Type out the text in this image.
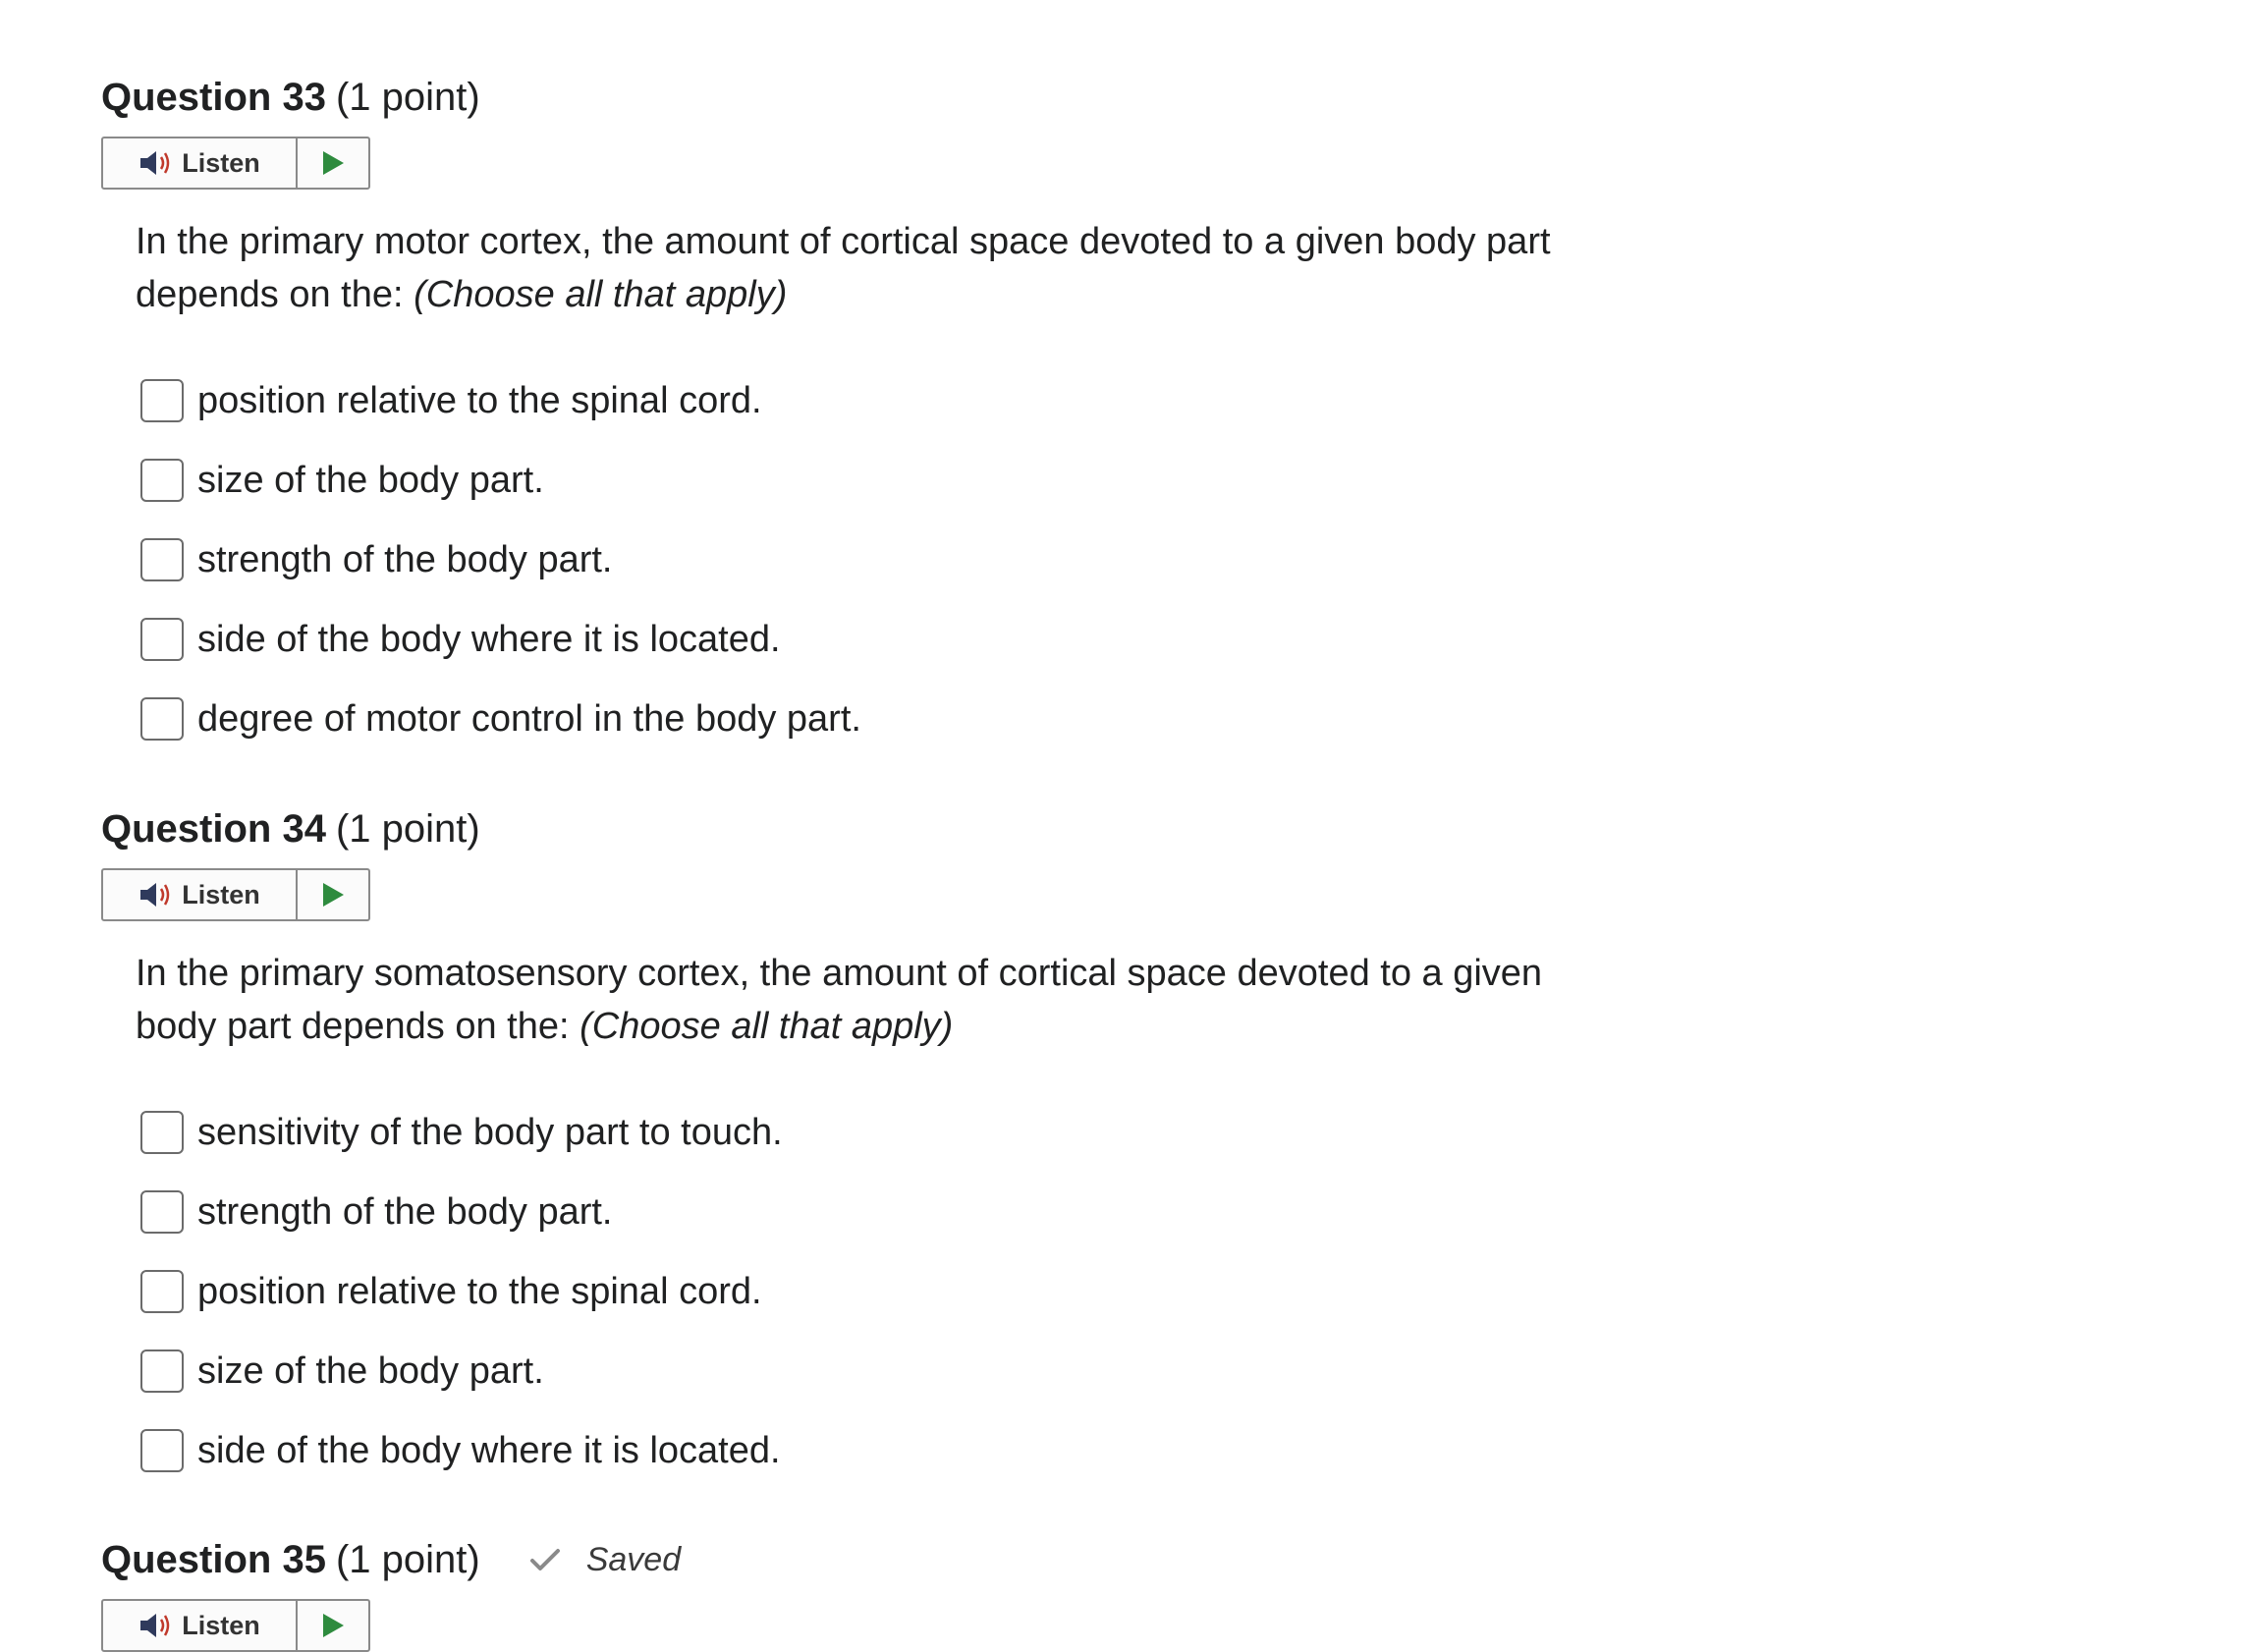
Question 33 (1 point)
Listen
In the primary motor cortex, the amount of cortical space devoted to a given body part depends on the: (Choose all that apply)
position relative to the spinal cord.
size of the body part.
strength of the body part.
side of the body where it is located.
degree of motor control in the body part.
Question 34 (1 point)
Listen
In the primary somatosensory cortex, the amount of cortical space devoted to a given body part depends on the: (Choose all that apply)
sensitivity of the body part to touch.
strength of the body part.
position relative to the spinal cord.
size of the body part.
side of the body where it is located.
Question 35 (1 point)	Saved
Listen
